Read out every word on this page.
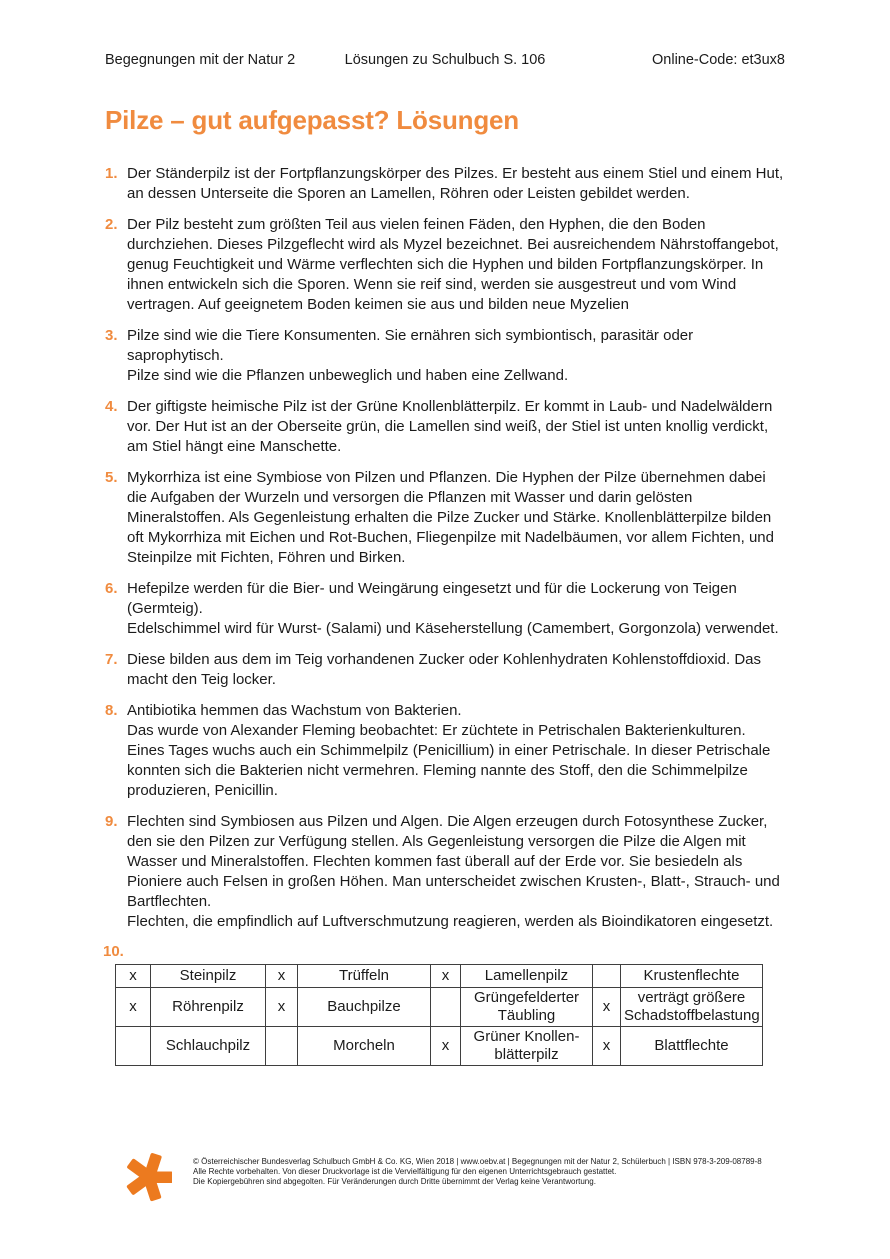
Begegnungen mit der Natur 2	Lösungen zu Schulbuch S. 106	Online-Code: et3ux8
Pilze – gut aufgepasst? Lösungen
1. Der Ständerpilz ist der Fortpflanzungskörper des Pilzes. Er besteht aus einem Stiel und einem Hut, an dessen Unterseite die Sporen an Lamellen, Röhren oder Leisten gebildet werden.
2. Der Pilz besteht zum größten Teil aus vielen feinen Fäden, den Hyphen, die den Boden durchziehen. Dieses Pilzgeflecht wird als Myzel bezeichnet. Bei ausreichendem Nährstoffangebot, genug Feuchtigkeit und Wärme verflechten sich die Hyphen und bilden Fortpflanzungskörper. In ihnen entwickeln sich die Sporen. Wenn sie reif sind, werden sie ausgestreut und vom Wind vertragen. Auf geeignetem Boden keimen sie aus und bilden neue Myzelien
3. Pilze sind wie die Tiere Konsumenten. Sie ernähren sich symbiontisch, parasitär oder saprophytisch.
Pilze sind wie die Pflanzen unbeweglich und haben eine Zellwand.
4. Der giftigste heimische Pilz ist der Grüne Knollenblätterpilz. Er kommt in Laub- und Nadelwäldern vor. Der Hut ist an der Oberseite grün, die Lamellen sind weiß, der Stiel ist unten knollig verdickt, am Stiel hängt eine Manschette.
5. Mykorrhiza ist eine Symbiose von Pilzen und Pflanzen. Die Hyphen der Pilze übernehmen dabei die Aufgaben der Wurzeln und versorgen die Pflanzen mit Wasser und darin gelösten Mineralstoffen. Als Gegenleistung erhalten die Pilze Zucker und Stärke. Knollenblätterpilze bilden oft Mykorrhiza mit Eichen und Rot-Buchen, Fliegenpilze mit Nadelbäumen, vor allem Fichten, und Steinpilze mit Fichten, Föhren und Birken.
6. Hefepilze werden für die Bier- und Weingärung eingesetzt und für die Lockerung von Teigen (Germteig).
Edelschimmel wird für Wurst- (Salami) und Käseherstellung (Camembert, Gorgonzola) verwendet.
7. Diese bilden aus dem im Teig vorhandenen Zucker oder Kohlenhydraten Kohlenstoffdioxid. Das macht den Teig locker.
8. Antibiotika hemmen das Wachstum von Bakterien.
Das wurde von Alexander Fleming beobachtet: Er züchtete in Petrischalen Bakterienkulturen. Eines Tages wuchs auch ein Schimmelpilz (Penicillium) in einer Petrischale. In dieser Petrischale konnten sich die Bakterien nicht vermehren. Fleming nannte des Stoff, den die Schimmelpilze produzieren, Penicillin.
9. Flechten sind Symbiosen aus Pilzen und Algen. Die Algen erzeugen durch Fotosynthese Zucker, den sie den Pilzen zur Verfügung stellen. Als Gegenleistung versorgen die Pilze die Algen mit Wasser und Mineralstoffen. Flechten kommen fast überall auf der Erde vor. Sie besiedeln als Pioniere auch Felsen in großen Höhen. Man unterscheidet zwischen Krusten-, Blatt-, Strauch- und Bartflechten.
Flechten, die empfindlich auf Luftverschmutzung reagieren, werden als Bioindikatoren eingesetzt.
10.
x	Steinpilz	x	Trüffeln	x	Lamellenpilz		Krustenflechte
x	Röhrenpilz	x	Bauchpilze		Grüngefelderter Täubling	x	verträgt größere Schadstoffbelastung
	Schlauchpilz		Morcheln	x	Grüner Knollenblätterpilz	x	Blattflechte
© Österreichischer Bundesverlag Schulbuch GmbH & Co. KG, Wien 2018 | www.oebv.at | Begegnungen mit der Natur 2, Schülerbuch | ISBN 978-3-209-08789-8
Alle Rechte vorbehalten. Von dieser Druckvorlage ist die Vervielfältigung für den eigenen Unterrichtsgebrauch gestattet.
Die Kopiergebühren sind abgegolten. Für Veränderungen durch Dritte übernimmt der Verlag keine Verantwortung.
